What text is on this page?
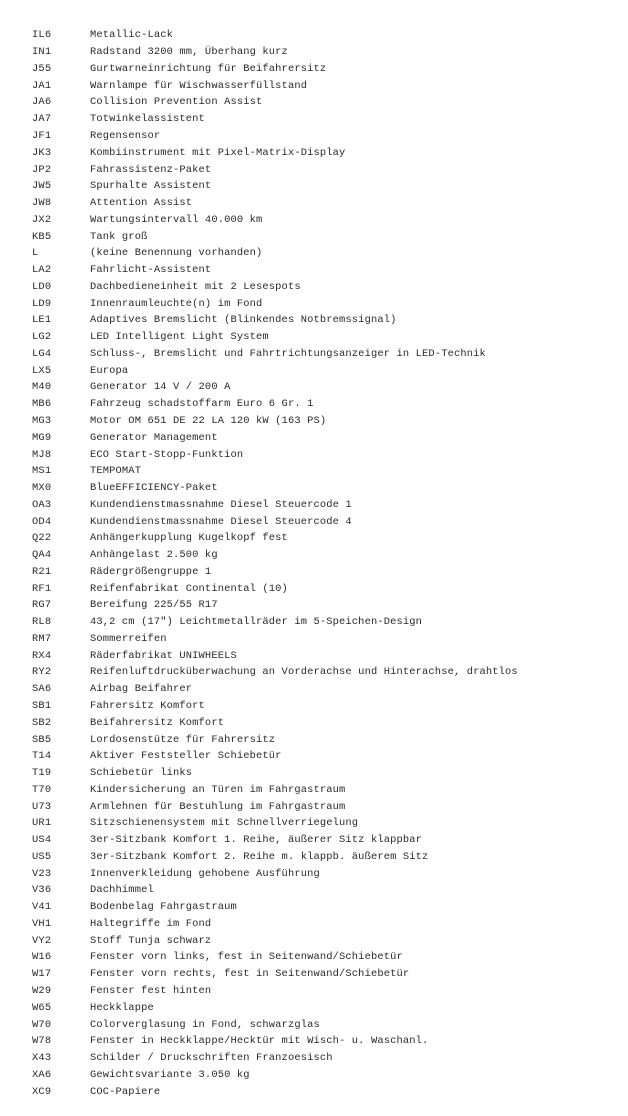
IL6	Metallic-Lack
IN1	Radstand 3200 mm, Überhang kurz
J55	Gurtwarneinrichtung für Beifahrersitz
JA1	Warnlampe für Wischwasserfüllstand
JA6	Collision Prevention Assist
JA7	Totwinkelassistent
JF1	Regensensor
JK3	Kombiinstrument mit Pixel-Matrix-Display
JP2	Fahrassistenz-Paket
JW5	Spurhalte Assistent
JW8	Attention Assist
JX2	Wartungsintervall 40.000 km
KB5	Tank groß
L	(keine Benennung vorhanden)
LA2	Fahrlicht-Assistent
LD0	Dachbedieneinheit mit 2 Lesespots
LD9	Innenraumleuchte(n) im Fond
LE1	Adaptives Bremslicht (Blinkendes Notbremssignal)
LG2	LED Intelligent Light System
LG4	Schluss-, Bremslicht und Fahrtrichtungsanzeiger in LED-Technik
LX5	Europa
M40	Generator 14 V / 200 A
MB6	Fahrzeug schadstoffarm Euro 6 Gr. 1
MG3	Motor OM 651 DE 22 LA 120 kW (163 PS)
MG9	Generator Management
MJ8	ECO Start-Stopp-Funktion
MS1	TEMPOMAT
MX0	BlueEFFICIENCY-Paket
OA3	Kundendienstmassnahme Diesel Steuercode 1
OD4	Kundendienstmassnahme Diesel Steuercode 4
Q22	Anhängerkupplung Kugelkopf fest
QA4	Anhängelast 2.500 kg
R21	Rädergrößengruppe 1
RF1	Reifenfabrikat Continental (10)
RG7	Bereifung 225/55 R17
RL8	43,2 cm (17") Leichtmetallräder im 5-Speichen-Design
RM7	Sommerreifen
RX4	Räderfabrikat UNIWHEELS
RY2	Reifenluftdrucküberwachung an Vorderachse und Hinterachse, drahtlos
SA6	Airbag Beifahrer
SB1	Fahrersitz Komfort
SB2	Beifahrersitz Komfort
SB5	Lordosenstütze für Fahrersitz
T14	Aktiver Feststeller Schiebetür
T19	Schiebetür links
T70	Kindersicherung an Türen im Fahrgastraum
U73	Armlehnen für Bestuhlung im Fahrgastraum
UR1	Sitzschienensystem mit Schnellverriegelung
US4	3er-Sitzbank Komfort 1. Reihe, äußerer Sitz klappbar
US5	3er-Sitzbank Komfort 2. Reihe m. klappb. äußerem Sitz
V23	Innenverkleidung gehobene Ausführung
V36	Dachhimmel
V41	Bodenbelag Fahrgastraum
VH1	Haltegriffe im Fond
VY2	Stoff Tunja schwarz
W16	Fenster vorn links, fest in Seitenwand/Schiebetür
W17	Fenster vorn rechts, fest in Seitenwand/Schiebetür
W29	Fenster fest hinten
W65	Heckklappe
W70	Colorverglasung in Fond, schwarzglas
W78	Fenster in Heckklappe/Hecktür mit Wisch- u. Waschanl.
X43	Schilder / Druckschriften Franzoesisch
XA6	Gewichtsvariante 3.050 kg
XC9	COC-Papiere
